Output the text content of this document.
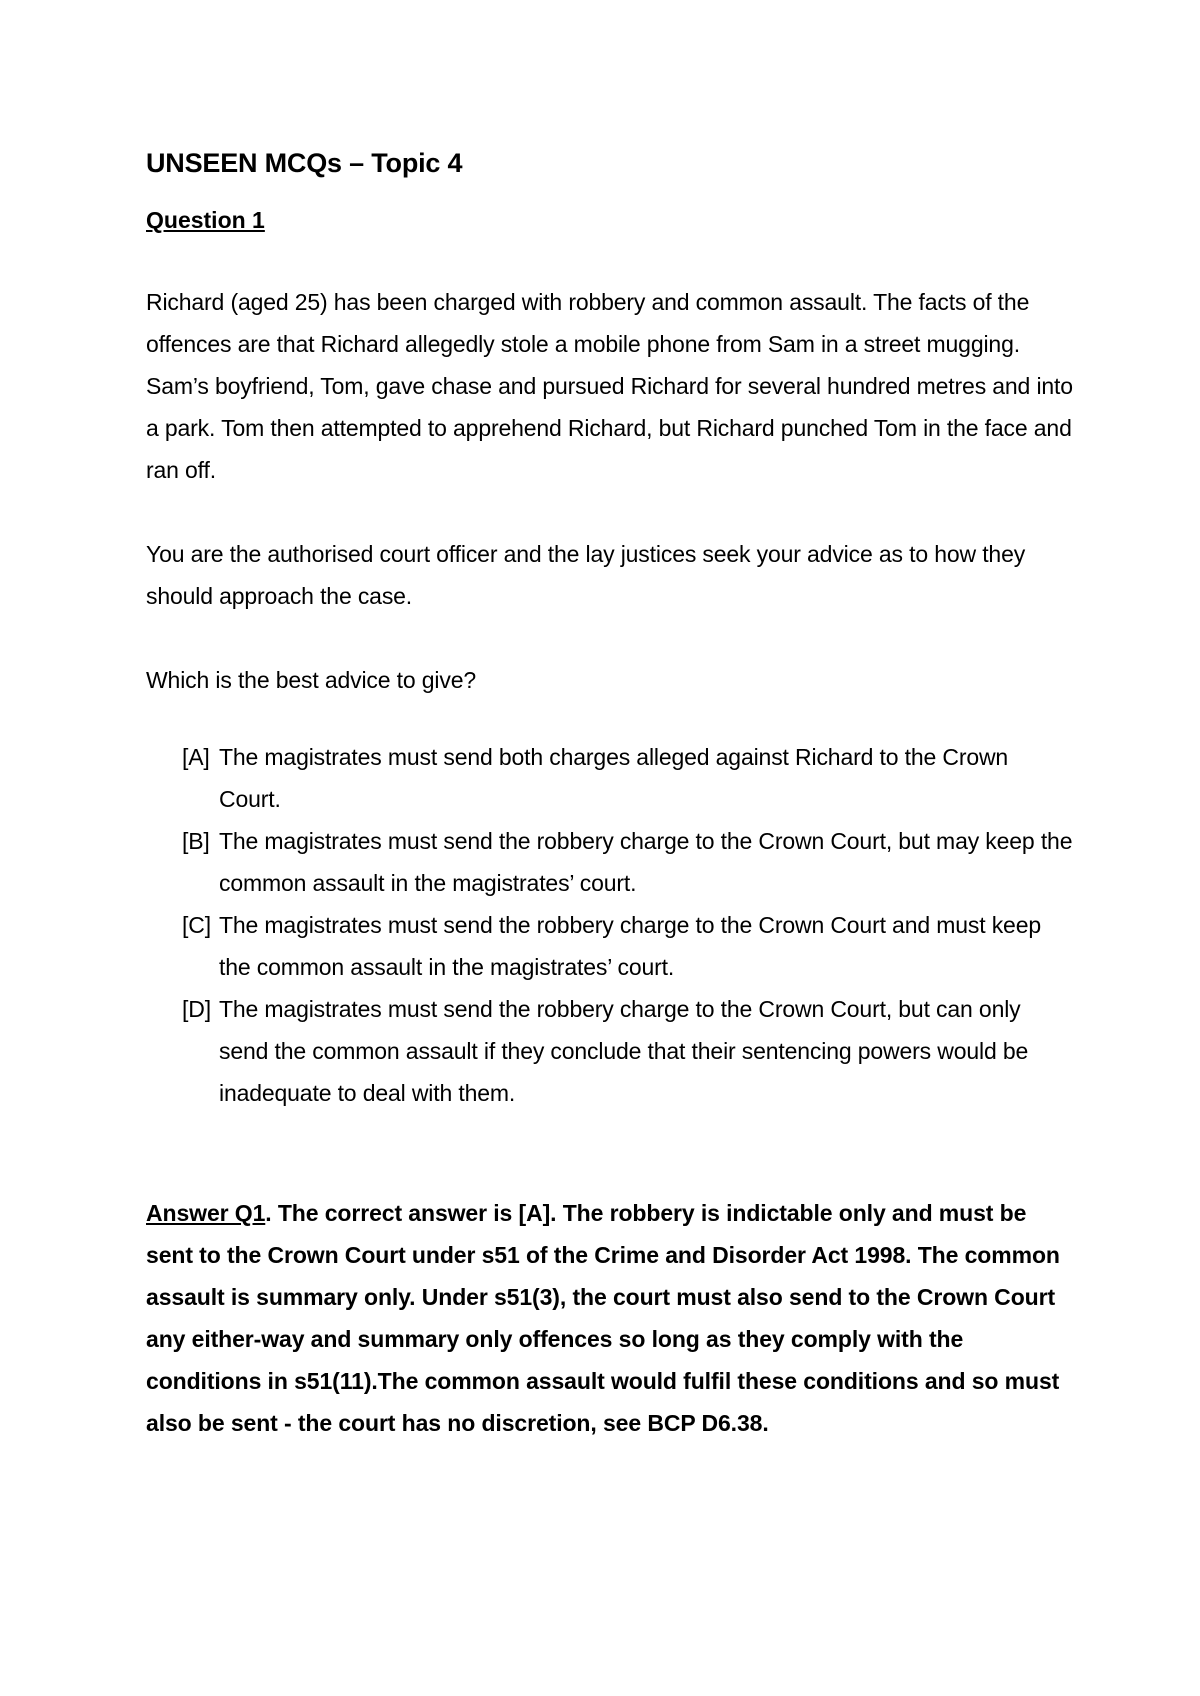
UNSEEN MCQs – Topic 4
Question 1

Richard (aged 25) has been charged with robbery and common assault. The facts of the offences are that Richard allegedly stole a mobile phone from Sam in a street mugging. Sam’s boyfriend, Tom, gave chase and pursued Richard for several hundred metres and into a park. Tom then attempted to apprehend Richard, but Richard punched Tom in the face and ran off.

You are the authorised court officer and the lay justices seek your advice as to how they should approach the case.

Which is the best advice to give?

[A] The magistrates must send both charges alleged against Richard to the Crown Court.
[B] The magistrates must send the robbery charge to the Crown Court, but may keep the common assault in the magistrates’ court.
[C] The magistrates must send the robbery charge to the Crown Court and must keep the common assault in the magistrates’ court.
[D] The magistrates must send the robbery charge to the Crown Court, but can only send the common assault if they conclude that their sentencing powers would be inadequate to deal with them.

Answer Q1. The correct answer is [A]. The robbery is indictable only and must be sent to the Crown Court under s51 of the Crime and Disorder Act 1998. The common assault is summary only. Under s51(3), the court must also send to the Crown Court any either-way and summary only offences so long as they comply with the conditions in s51(11).The common assault would fulfil these conditions and so must also be sent - the court has no discretion, see BCP D6.38.
